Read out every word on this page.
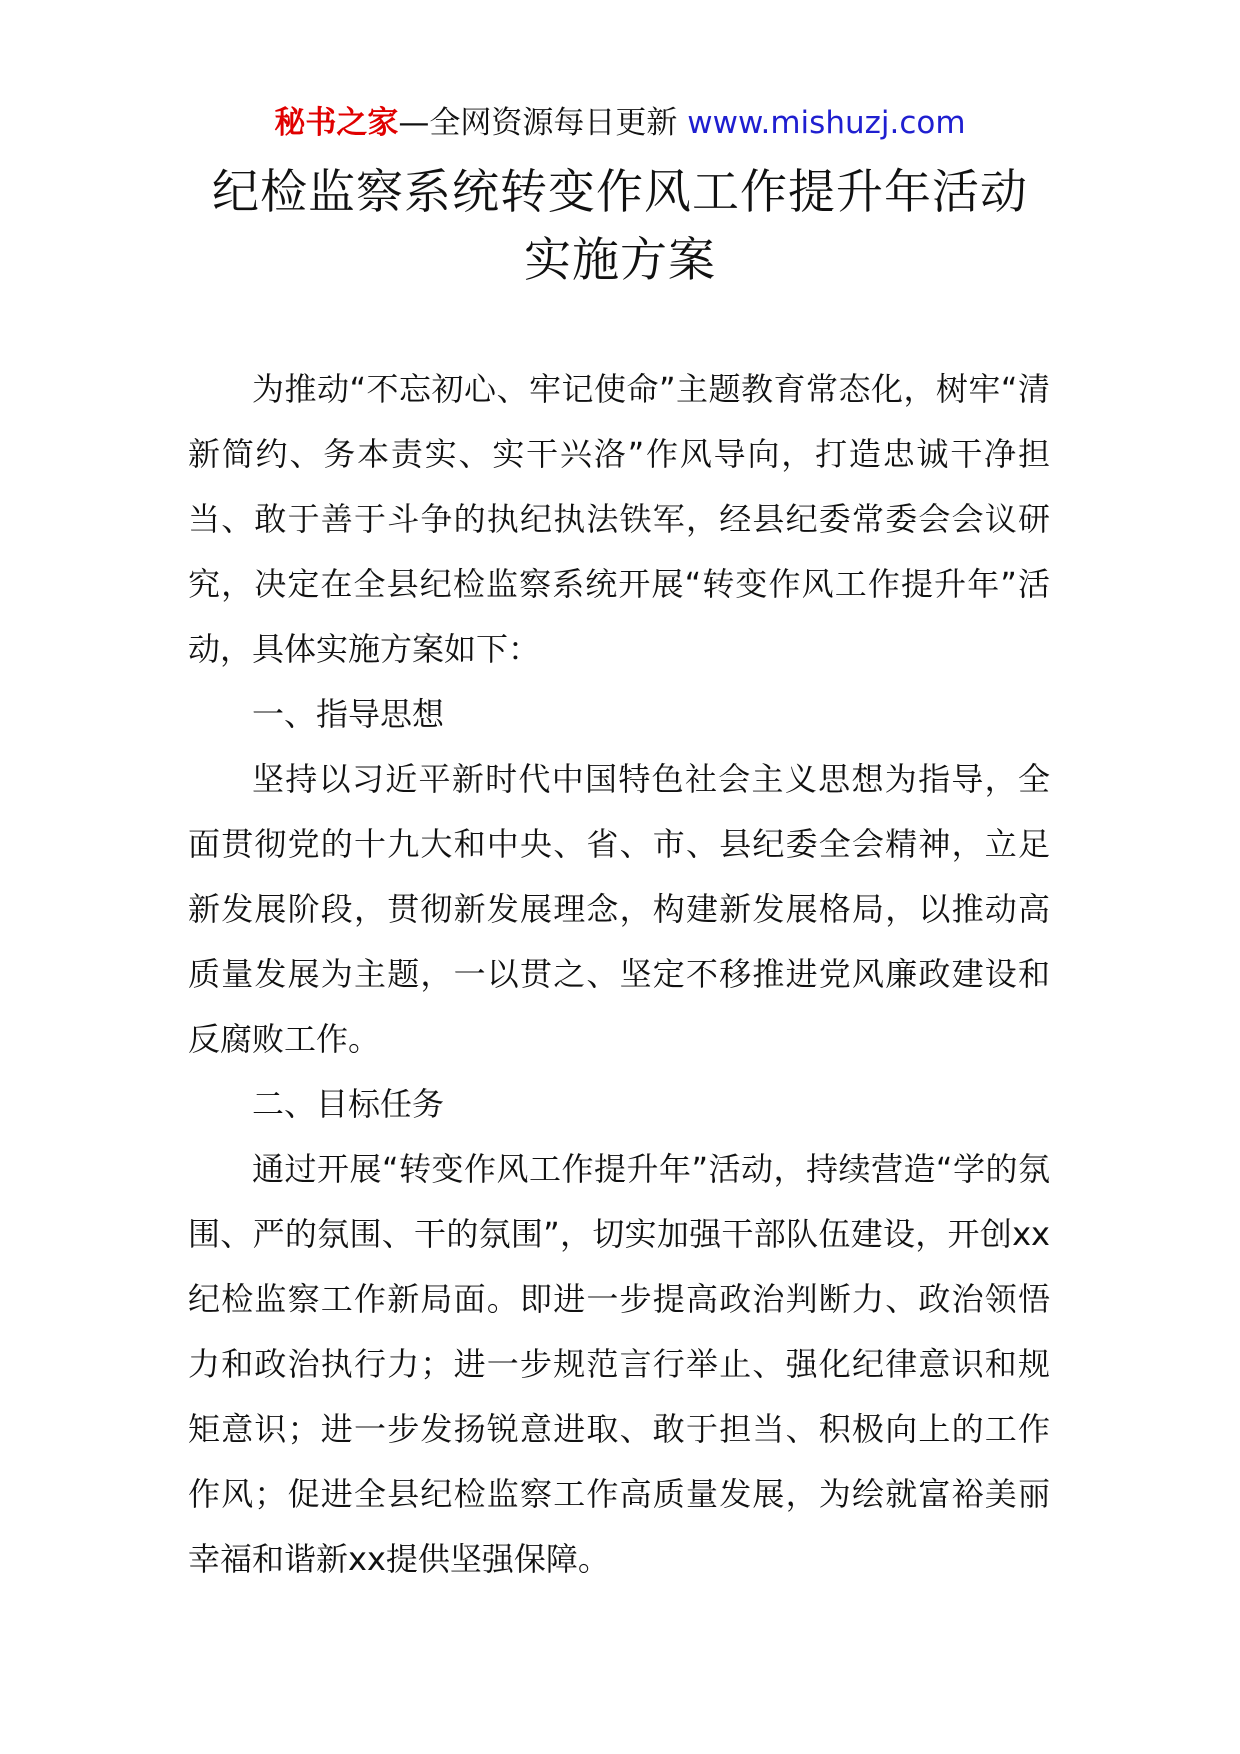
秘书之家—全网资源每日更新 www.mishuzj.com
纪检监察系统转变作风工作提升年活动
实施方案

为推动“不忘初心、牢记使命”主题教育常态化，树牢“清新简约、务本责实、实干兴洛”作风导向，打造忠诚干净担当、敢于善于斗争的执纪执法铁军，经县纪委常委会会议研究，决定在全县纪检监察系统开展“转变作风工作提升年”活动，具体实施方案如下：

一、指导思想

坚持以习近平新时代中国特色社会主义思想为指导，全面贯彻党的十九大和中央、省、市、县纪委全会精神，立足新发展阶段，贯彻新发展理念，构建新发展格局，以推动高质量发展为主题，一以贯之、坚定不移推进党风廉政建设和反腐败工作。

二、目标任务

通过开展“转变作风工作提升年”活动，持续营造“学的氛围、严的氛围、干的氛围”，切实加强干部队伍建设，开创xx纪检监察工作新局面。即进一步提高政治判断力、政治领悟力和政治执行力；进一步规范言行举止、强化纪律意识和规矩意识；进一步发扬锐意进取、敢于担当、积极向上的工作作风；促进全县纪检监察工作高质量发展，为绘就富裕美丽幸福和谐新xx提供坚强保障。
